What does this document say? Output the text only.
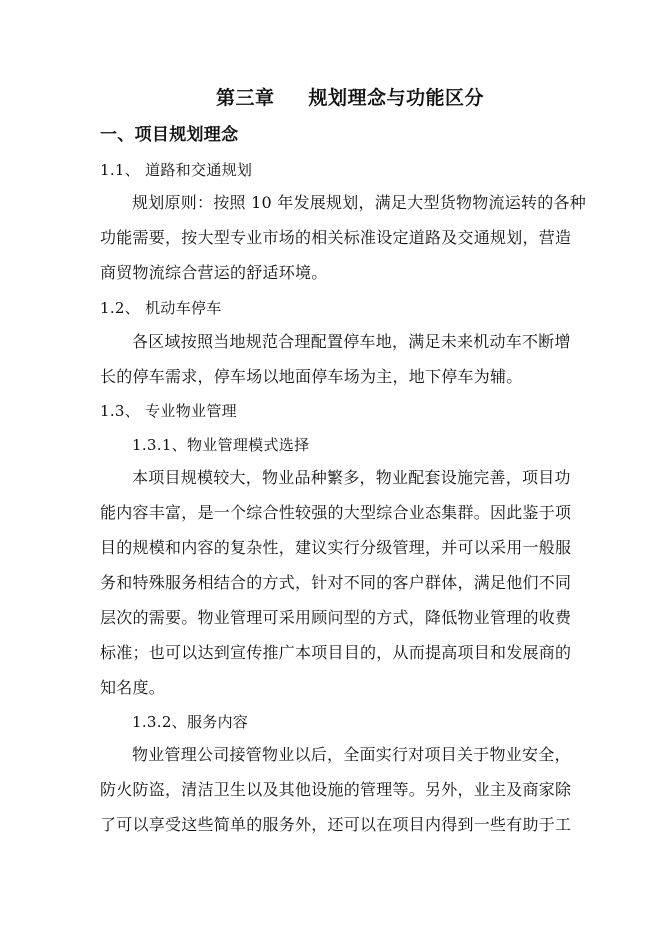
第三章 规划理念与功能区分
一、项目规划理念
1.1、 道路和交通规划
规划原则：按照 10 年发展规划，满足大型货物物流运转的各种
功能需要，按大型专业市场的相关标准设定道路及交通规划，营造
商贸物流综合营运的舒适环境。
1.2、 机动车停车
各区域按照当地规范合理配置停车地，满足未来机动车不断增
长的停车需求，停车场以地面停车场为主，地下停车为辅。
1.3、 专业物业管理
1.3.1、物业管理模式选择
本项目规模较大，物业品种繁多，物业配套设施完善，项目功
能内容丰富，是一个综合性较强的大型综合业态集群。因此鉴于项
目的规模和内容的复杂性，建议实行分级管理，并可以采用一般服
务和特殊服务相结合的方式，针对不同的客户群体，满足他们不同
层次的需要。物业管理可采用顾问型的方式，降低物业管理的收费
标准；也可以达到宣传推广本项目目的，从而提高项目和发展商的
知名度。
1.3.2、服务内容
物业管理公司接管物业以后，全面实行对项目关于物业安全，
防火防盗，清洁卫生以及其他设施的管理等。另外，业主及商家除
了可以享受这些简单的服务外，还可以在项目内得到一些有助于工
